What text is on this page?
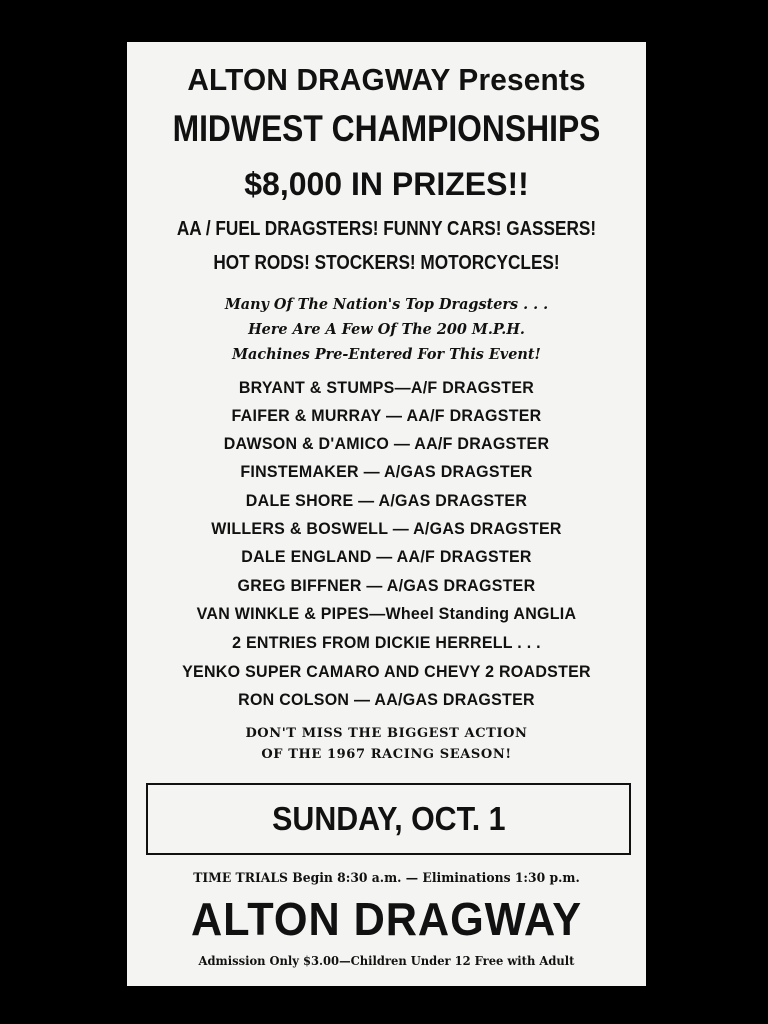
ALTON DRAGWAY Presents
MIDWEST CHAMPIONSHIPS
$8,000 IN PRIZES!!
AA / FUEL DRAGSTERS! FUNNY CARS! GASSERS!
HOT RODS! STOCKERS! MOTORCYCLES!
Many Of The Nation's Top Dragsters . . .
Here Are A Few Of The 200 M.P.H.
Machines Pre-Entered For This Event!
BRYANT & STUMPS—A/F DRAGSTER
FAIFER & MURRAY — AA/F DRAGSTER
DAWSON & D'AMICO — AA/F DRAGSTER
FINSTEMAKER — A/GAS DRAGSTER
DALE SHORE — A/GAS DRAGSTER
WILLERS & BOSWELL — A/GAS DRAGSTER
DALE ENGLAND — AA/F DRAGSTER
GREG BIFFNER — A/GAS DRAGSTER
VAN WINKLE & PIPES—Wheel Standing ANGLIA
2 ENTRIES FROM DICKIE HERRELL . . .
YENKO SUPER CAMARO AND CHEVY 2 ROADSTER
RON COLSON — AA/GAS DRAGSTER
DON'T MISS THE BIGGEST ACTION
OF THE 1967 RACING SEASON!
SUNDAY, OCT. 1
TIME TRIALS Begin 8:30 a.m. — Eliminations 1:30 p.m.
ALTON DRAGWAY
Admission Only $3.00—Children Under 12 Free with Adult
